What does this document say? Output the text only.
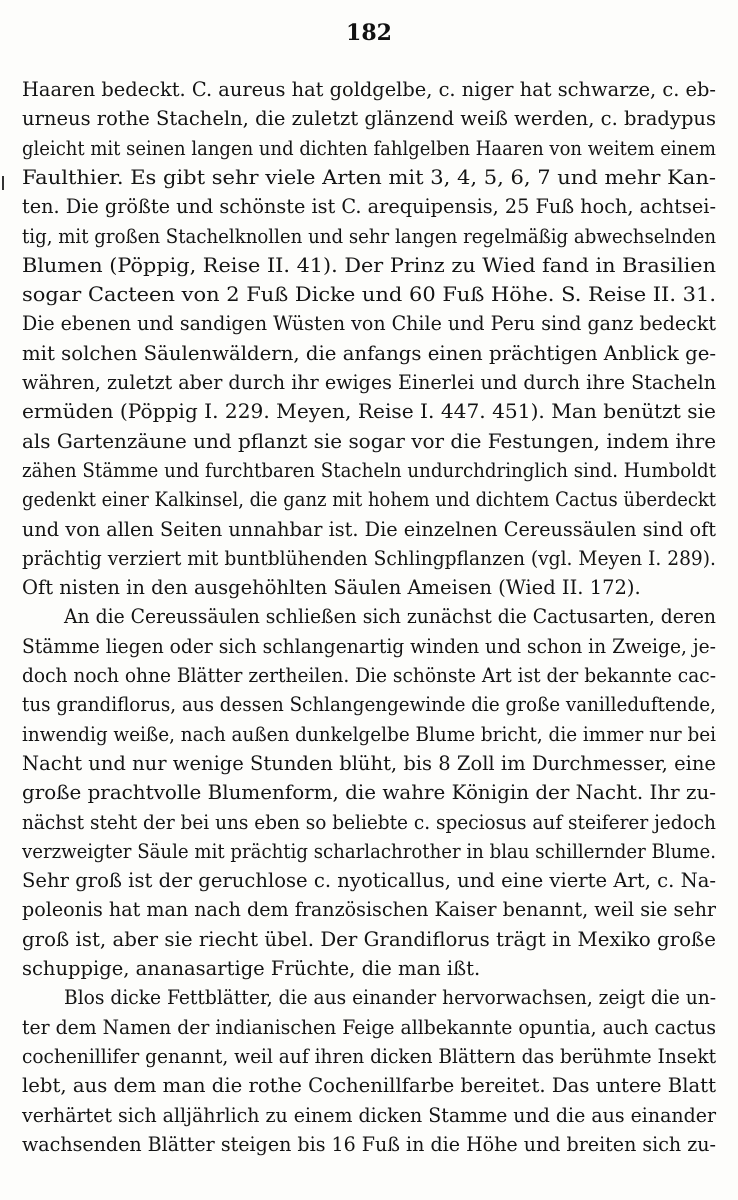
182
Haaren bedeckt. C. aureus hat goldgelbe, c. niger hat schwarze, c. eb-
urneus rothe Stacheln, die zuletzt glänzend weiß werden, c. bradypus
gleicht mit seinen langen und dichten fahlgelben Haaren von weitem einem
Faulthier. Es gibt sehr viele Arten mit 3, 4, 5, 6, 7 und mehr Kan-
ten. Die größte und schönste ist C. arequipensis, 25 Fuß hoch, achtsei-
tig, mit großen Stachelknollen und sehr langen regelmäßig abwechselnden
Blumen (Pöppig, Reise II. 41). Der Prinz zu Wied fand in Brasilien
sogar Cacteen von 2 Fuß Dicke und 60 Fuß Höhe. S. Reise II. 31.
Die ebenen und sandigen Wüsten von Chile und Peru sind ganz bedeckt
mit solchen Säulenwäldern, die anfangs einen prächtigen Anblick ge-
währen, zuletzt aber durch ihr ewiges Einerlei und durch ihre Stacheln
ermüden (Pöppig I. 229. Meyen, Reise I. 447. 451). Man benützt sie
als Gartenzäune und pflanzt sie sogar vor die Festungen, indem ihre
zähen Stämme und furchtbaren Stacheln undurchdringlich sind. Humboldt
gedenkt einer Kalkinsel, die ganz mit hohem und dichtem Cactus überdeckt
und von allen Seiten unnahbar ist. Die einzelnen Cereussäulen sind oft
prächtig verziert mit buntblühenden Schlingpflanzen (vgl. Meyen I. 289).
Oft nisten in den ausgehöhlten Säulen Ameisen (Wied II. 172).
An die Cereussäulen schließen sich zunächst die Cactusarten, deren
Stämme liegen oder sich schlangenartig winden und schon in Zweige, je-
doch noch ohne Blätter zertheilen. Die schönste Art ist der bekannte cac-
tus grandiflorus, aus dessen Schlangengewinde die große vanilleduftende,
inwendig weiße, nach außen dunkelgelbe Blume bricht, die immer nur bei
Nacht und nur wenige Stunden blüht, bis 8 Zoll im Durchmesser, eine
große prachtvolle Blumenform, die wahre Königin der Nacht. Ihr zu-
nächst steht der bei uns eben so beliebte c. speciosus auf steiferer jedoch
verzweigter Säule mit prächtig scharlachrother in blau schillernder Blume.
Sehr groß ist der geruchlose c. nyoticallus, und eine vierte Art, c. Na-
poleonis hat man nach dem französischen Kaiser benannt, weil sie sehr
groß ist, aber sie riecht übel. Der Grandiflorus trägt in Mexiko große
schuppige, ananasartige Früchte, die man ißt.
Blos dicke Fettblätter, die aus einander hervorwachsen, zeigt die un-
ter dem Namen der indianischen Feige allbekannte opuntia, auch cactus
cochenillifer genannt, weil auf ihren dicken Blättern das berühmte Insekt
lebt, aus dem man die rothe Cochenillfarbe bereitet. Das untere Blatt
verhärtet sich alljährlich zu einem dicken Stamme und die aus einander
wachsenden Blätter steigen bis 16 Fuß in die Höhe und breiten sich zu-
